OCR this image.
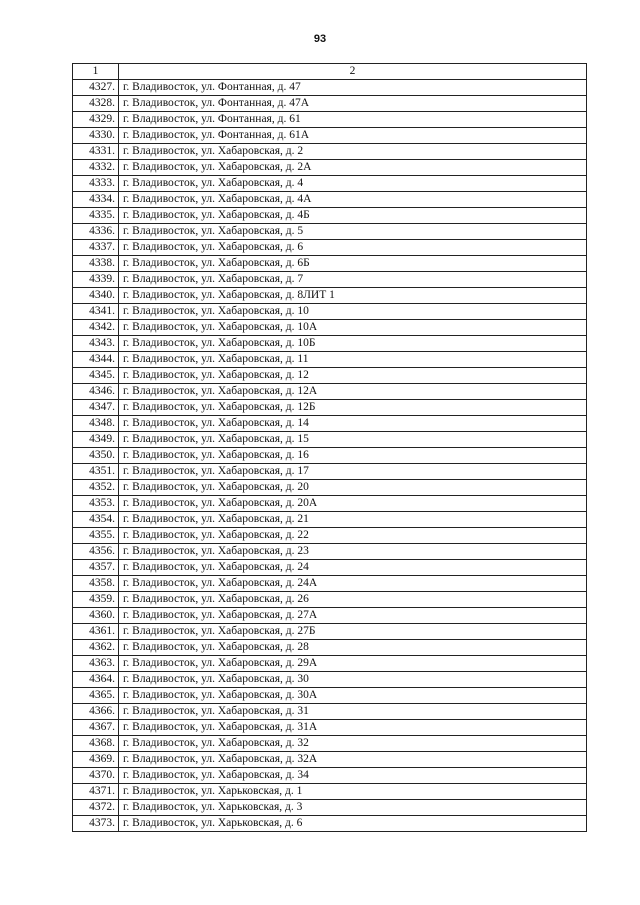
93
1	2
4327.	г. Владивосток, ул. Фонтанная, д. 47
4328.	г. Владивосток, ул. Фонтанная, д. 47А
4329.	г. Владивосток, ул. Фонтанная, д. 61
4330.	г. Владивосток, ул. Фонтанная, д. 61А
4331.	г. Владивосток, ул. Хабаровская, д. 2
4332.	г. Владивосток, ул. Хабаровская, д. 2А
4333.	г. Владивосток, ул. Хабаровская, д. 4
4334.	г. Владивосток, ул. Хабаровская, д. 4А
4335.	г. Владивосток, ул. Хабаровская, д. 4Б
4336.	г. Владивосток, ул. Хабаровская, д. 5
4337.	г. Владивосток, ул. Хабаровская, д. 6
4338.	г. Владивосток, ул. Хабаровская, д. 6Б
4339.	г. Владивосток, ул. Хабаровская, д. 7
4340.	г. Владивосток, ул. Хабаровская, д. 8ЛИТ 1
4341.	г. Владивосток, ул. Хабаровская, д. 10
4342.	г. Владивосток, ул. Хабаровская, д. 10А
4343.	г. Владивосток, ул. Хабаровская, д. 10Б
4344.	г. Владивосток, ул. Хабаровская, д. 11
4345.	г. Владивосток, ул. Хабаровская, д. 12
4346.	г. Владивосток, ул. Хабаровская, д. 12А
4347.	г. Владивосток, ул. Хабаровская, д. 12Б
4348.	г. Владивосток, ул. Хабаровская, д. 14
4349.	г. Владивосток, ул. Хабаровская, д. 15
4350.	г. Владивосток, ул. Хабаровская, д. 16
4351.	г. Владивосток, ул. Хабаровская, д. 17
4352.	г. Владивосток, ул. Хабаровская, д. 20
4353.	г. Владивосток, ул. Хабаровская, д. 20А
4354.	г. Владивосток, ул. Хабаровская, д. 21
4355.	г. Владивосток, ул. Хабаровская, д. 22
4356.	г. Владивосток, ул. Хабаровская, д. 23
4357.	г. Владивосток, ул. Хабаровская, д. 24
4358.	г. Владивосток, ул. Хабаровская, д. 24А
4359.	г. Владивосток, ул. Хабаровская, д. 26
4360.	г. Владивосток, ул. Хабаровская, д. 27А
4361.	г. Владивосток, ул. Хабаровская, д. 27Б
4362.	г. Владивосток, ул. Хабаровская, д. 28
4363.	г. Владивосток, ул. Хабаровская, д. 29А
4364.	г. Владивосток, ул. Хабаровская, д. 30
4365.	г. Владивосток, ул. Хабаровская, д. 30А
4366.	г. Владивосток, ул. Хабаровская, д. 31
4367.	г. Владивосток, ул. Хабаровская, д. 31А
4368.	г. Владивосток, ул. Хабаровская, д. 32
4369.	г. Владивосток, ул. Хабаровская, д. 32А
4370.	г. Владивосток, ул. Хабаровская, д. 34
4371.	г. Владивосток, ул. Харьковская, д. 1
4372.	г. Владивосток, ул. Харьковская, д. 3
4373.	г. Владивосток, ул. Харьковская, д. 6
